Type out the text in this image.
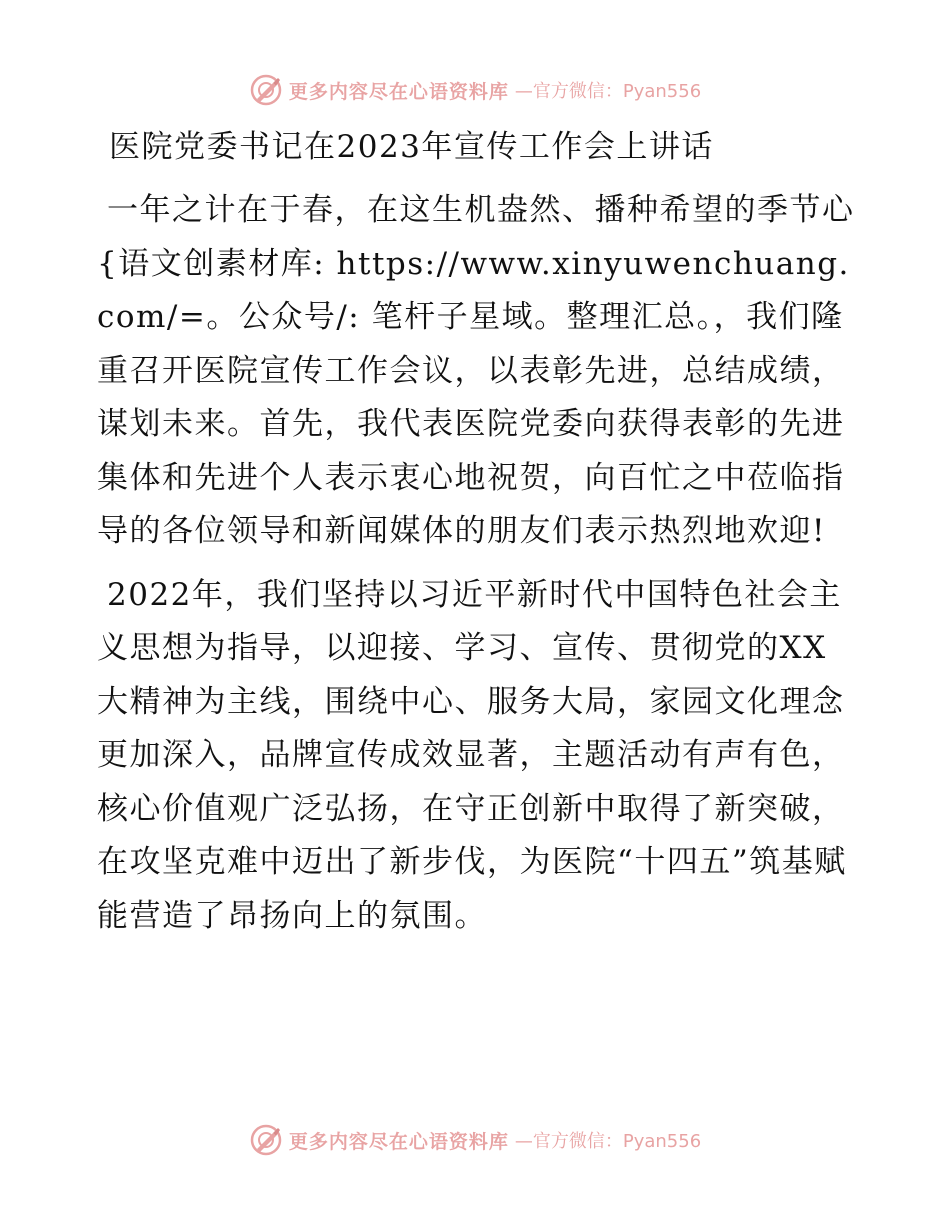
更多内容尽在心语资料库 —官方微信：Pyan556
医院党委书记在2023年宣传工作会上讲话

一年之计在于春，在这生机盎然、播种希望的季节心{语文创素材库: https://www.xinyuwenchuang.com/=。公众号/: 笔杆子星域。整理汇总。，我们隆重召开医院宣传工作会议，以表彰先进，总结成绩，谋划未来。首先，我代表医院党委向获得表彰的先进集体和先进个人表示衷心地祝贺，向百忙之中莅临指导的各位领导和新闻媒体的朋友们表示热烈地欢迎!

2022年，我们坚持以习近平新时代中国特色社会主义思想为指导，以迎接、学习、宣传、贯彻党的XX大精神为主线，围绕中心、服务大局，家园文化理念更加深入，品牌宣传成效显著，主题活动有声有色，核心价值观广泛弘扬，在守正创新中取得了新突破，在攻坚克难中迈出了新步伐，为医院“十四五”筑基赋能营造了昂扬向上的氛围。

更多内容尽在心语资料库 —官方微信：Pyan556
